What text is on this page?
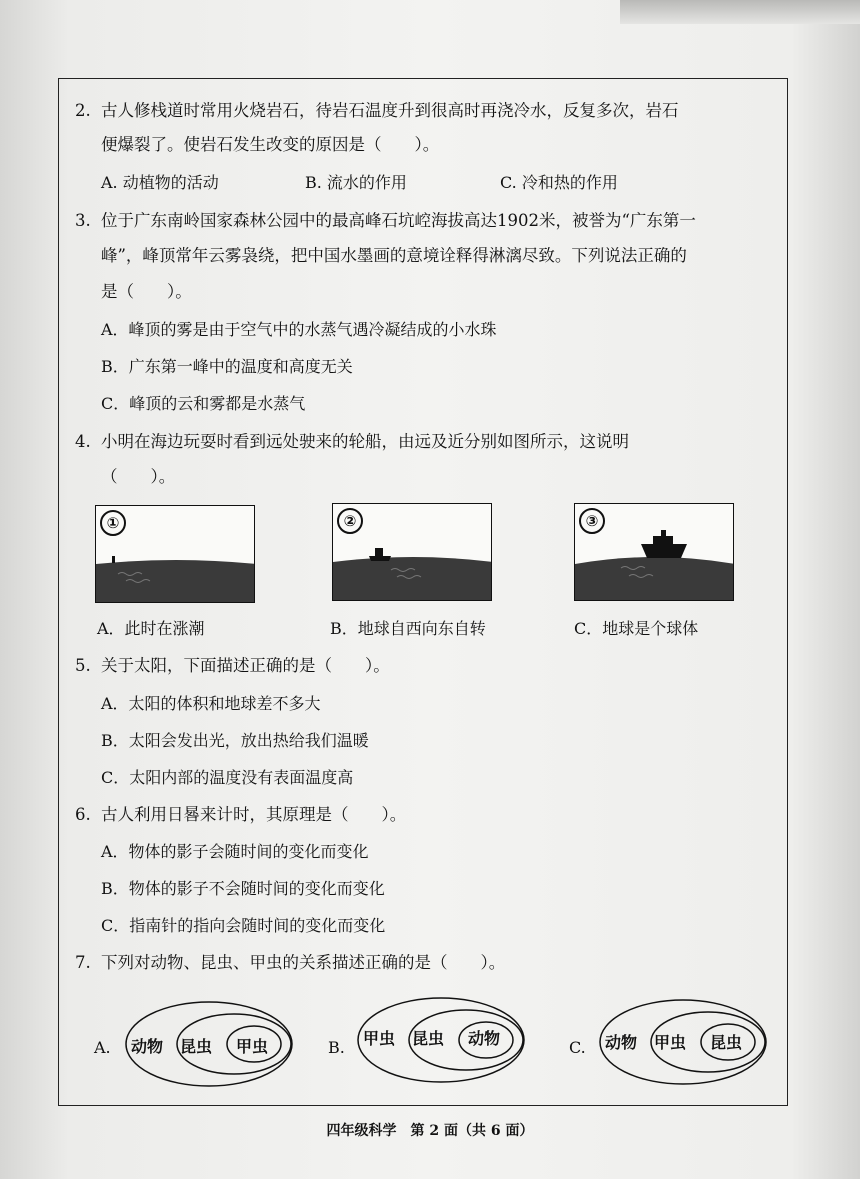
2. 古人修栈道时常用火烧岩石，待岩石温度升到很高时再浇冷水，反复多次，岩石
便爆裂了。使岩石发生改变的原因是（　　）。
A. 动植物的活动	B. 流水的作用	C. 冷和热的作用
3. 位于广东南岭国家森林公园中的最高峰石坑崆海拔高达1902米，被誉为“广东第一
峰”，峰顶常年云雾袅绕，把中国水墨画的意境诠释得淋漓尽致。下列说法正确的
是（　　）。
A．峰顶的雾是由于空气中的水蒸气遇冷凝结成的小水珠
B．广东第一峰中的温度和高度无关
C．峰顶的云和雾都是水蒸气
4. 小明在海边玩耍时看到远处驶来的轮船，由远及近分别如图所示，这说明
（　　）。
①	②	③
A．此时在涨潮	B．地球自西向东自转	C．地球是个球体
5. 关于太阳，下面描述正确的是（　　）。
A．太阳的体积和地球差不多大
B．太阳会发出光，放出热给我们温暖
C．太阳内部的温度没有表面温度高
6. 古人利用日晷来计时，其原理是（　　）。
A．物体的影子会随时间的变化而变化
B．物体的影子不会随时间的变化而变化
C．指南针的指向会随时间的变化而变化
7. 下列对动物、昆虫、甲虫的关系描述正确的是（　　）。
A. 动物 昆虫 甲虫	B. 甲虫 昆虫 动物	C. 动物 甲虫 昆虫
四年级科学　第 2 面（共 6 面）
